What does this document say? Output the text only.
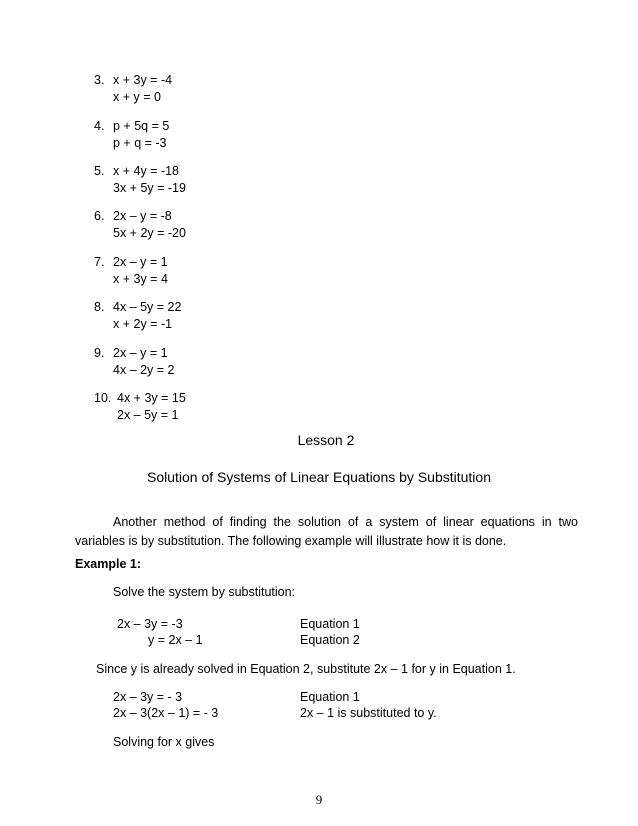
3. x + 3y = -4
x + y = 0
4. p + 5q = 5
p + q = -3
5. x + 4y = -18
3x + 5y = -19
6. 2x – y = -8
5x + 2y = -20
7. 2x – y = 1
x + 3y = 4
8. 4x – 5y = 22
x + 2y = -1
9. 2x – y = 1
4x – 2y = 2
10. 4x + 3y = 15
2x – 5y = 1
Lesson 2
Solution of Systems of Linear Equations by Substitution
Another method of finding the solution of a system of linear equations in two variables is by substitution. The following example will illustrate how it is done.
Example 1:
Solve the system by substitution:
2x – 3y = -3	Equation 1
y = 2x – 1	Equation 2
Since y is already solved in Equation 2, substitute 2x – 1 for y in Equation 1.
2x – 3y = - 3	Equation 1
2x – 3(2x – 1) = - 3	2x – 1 is substituted to y.
Solving for x gives
9
